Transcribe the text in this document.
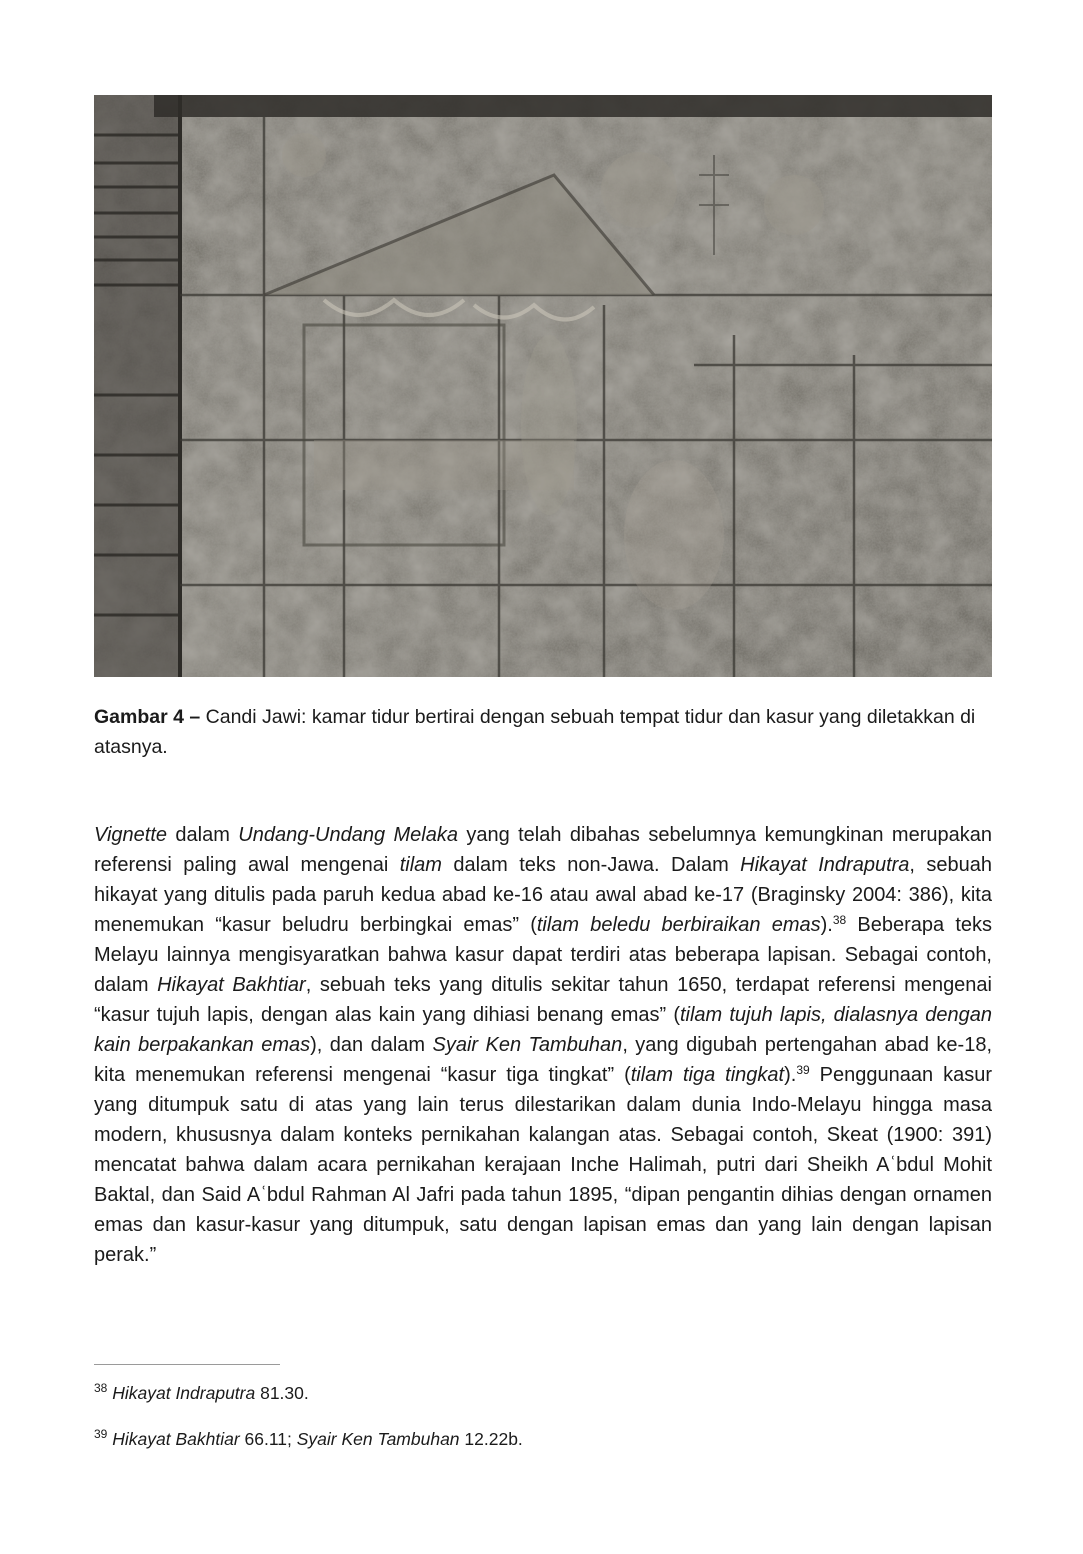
Gambar 4 – Candi Jawi: kamar tidur bertirai dengan sebuah tempat tidur dan kasur yang diletakkan di atasnya.
Vignette dalam Undang-Undang Melaka yang telah dibahas sebelumnya kemungkinan merupakan referensi paling awal mengenai tilam dalam teks non-Jawa. Dalam Hikayat Indraputra, sebuah hikayat yang ditulis pada paruh kedua abad ke-16 atau awal abad ke-17 (Braginsky 2004: 386), kita menemukan “kasur beludru berbingkai emas” (tilam beledu berbiraikan emas).$^{38}$ Beberapa teks Melayu lainnya mengisyaratkan bahwa kasur dapat terdiri atas beberapa lapisan. Sebagai contoh, dalam Hikayat Bakhtiar, sebuah teks yang ditulis sekitar tahun 1650, terdapat referensi mengenai “kasur tujuh lapis, dengan alas kain yang dihiasi benang emas” (tilam tujuh lapis, dialasnya dengan kain berpakankan emas), dan dalam Syair Ken Tambuhan, yang digubah pertengahan abad ke-18, kita menemukan referensi mengenai “kasur tiga tingkat” (tilam tiga tingkat).$^{39}$ Penggunaan kasur yang ditumpuk satu di atas yang lain terus dilestarikan dalam dunia Indo-Melayu hingga masa modern, khususnya dalam konteks pernikahan kalangan atas. Sebagai contoh, Skeat (1900: 391) mencatat bahwa dalam acara pernikahan kerajaan Inche Halimah, putri dari Sheikh Aʿbdul Mohit Baktal, dan Said Aʿbdul Rahman Al Jafri pada tahun 1895, “dipan pengantin dihias dengan ornamen emas dan kasur-kasur yang ditumpuk, satu dengan lapisan emas dan yang lain dengan lapisan perak.”
$^{38}$ Hikayat Indraputra 81.30.
$^{39}$ Hikayat Bakhtiar 66.11; Syair Ken Tambuhan 12.22b.
